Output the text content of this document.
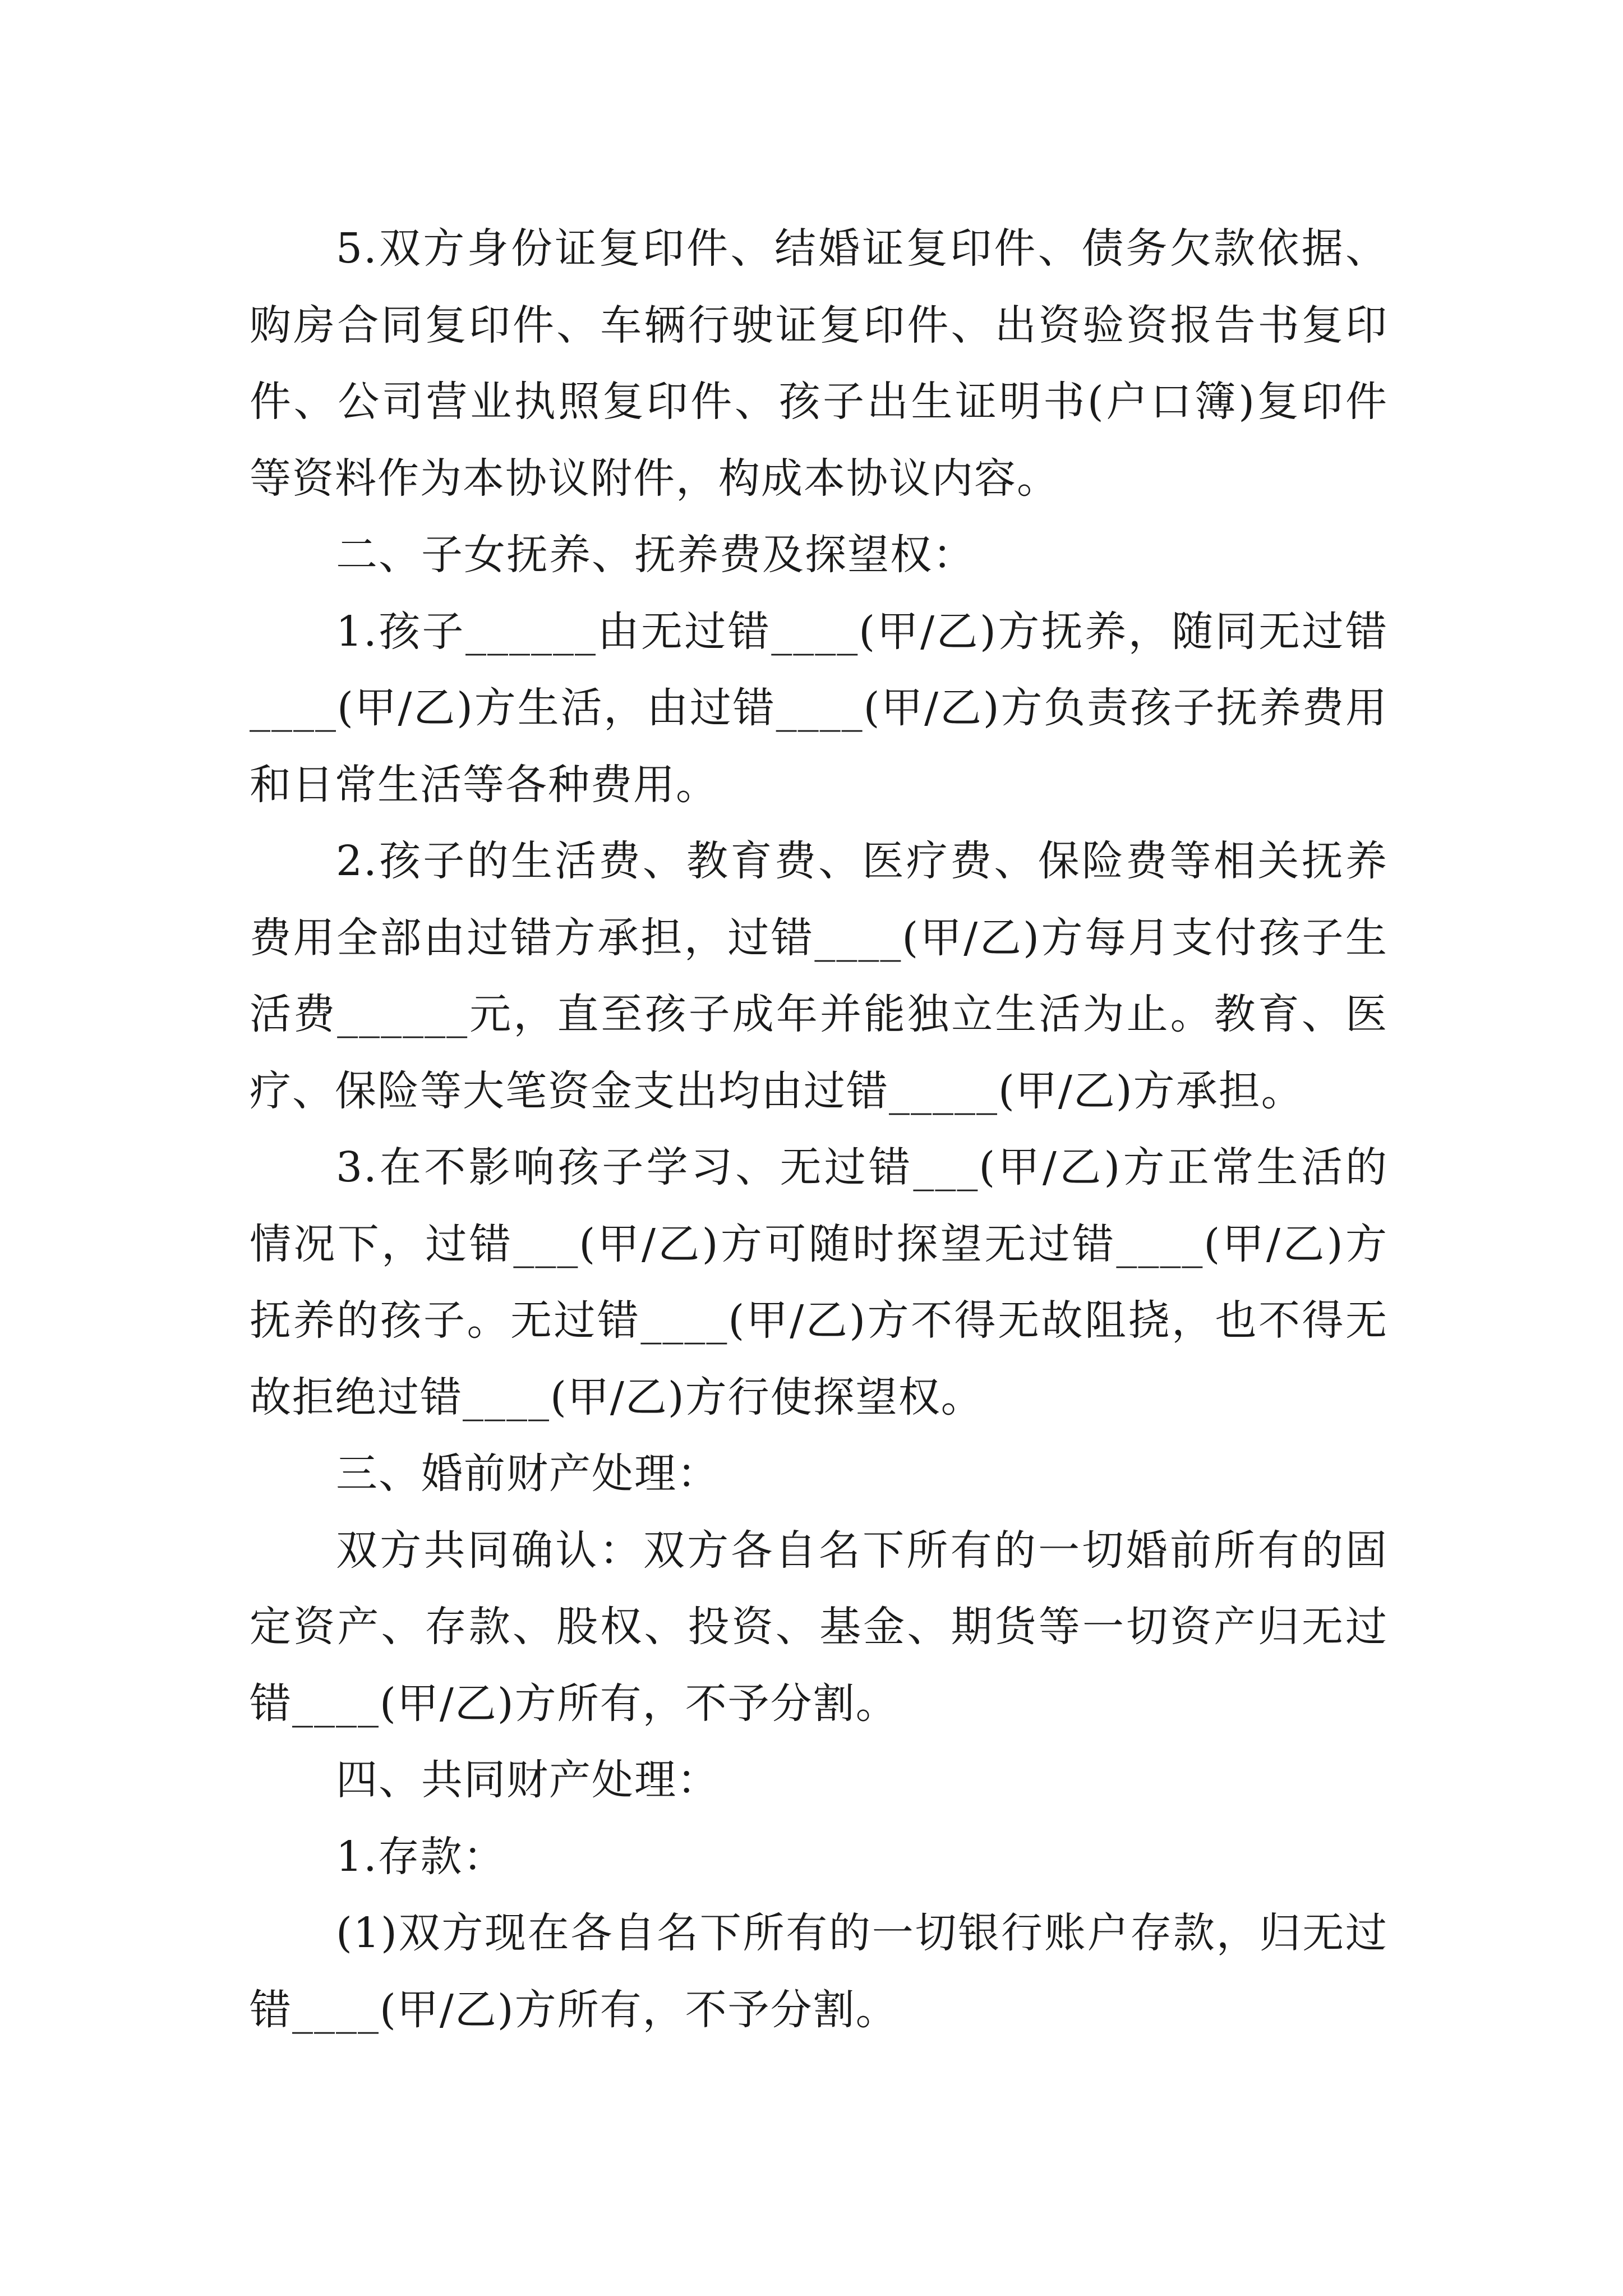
5.双方身份证复印件、结婚证复印件、债务欠款依据、购房合同复印件、车辆行驶证复印件、出资验资报告书复印件、公司营业执照复印件、孩子出生证明书(户口簿)复印件等资料作为本协议附件，构成本协议内容。

二、子女抚养、抚养费及探望权：

1.孩子______由无过错____(甲/乙)方抚养，随同无过错____(甲/乙)方生活，由过错____(甲/乙)方负责孩子抚养费用和日常生活等各种费用。

2.孩子的生活费、教育费、医疗费、保险费等相关抚养费用全部由过错方承担，过错____(甲/乙)方每月支付孩子生活费______元，直至孩子成年并能独立生活为止。教育、医疗、保险等大笔资金支出均由过错_____(甲/乙)方承担。

3.在不影响孩子学习、无过错___(甲/乙)方正常生活的情况下，过错___(甲/乙)方可随时探望无过错____(甲/乙)方抚养的孩子。无过错____(甲/乙)方不得无故阻挠，也不得无故拒绝过错____(甲/乙)方行使探望权。

三、婚前财产处理：

双方共同确认：双方各自名下所有的一切婚前所有的固定资产、存款、股权、投资、基金、期货等一切资产归无过错____(甲/乙)方所有，不予分割。

四、共同财产处理：

1.存款：

(1)双方现在各自名下所有的一切银行账户存款，归无过错____(甲/乙)方所有，不予分割。
